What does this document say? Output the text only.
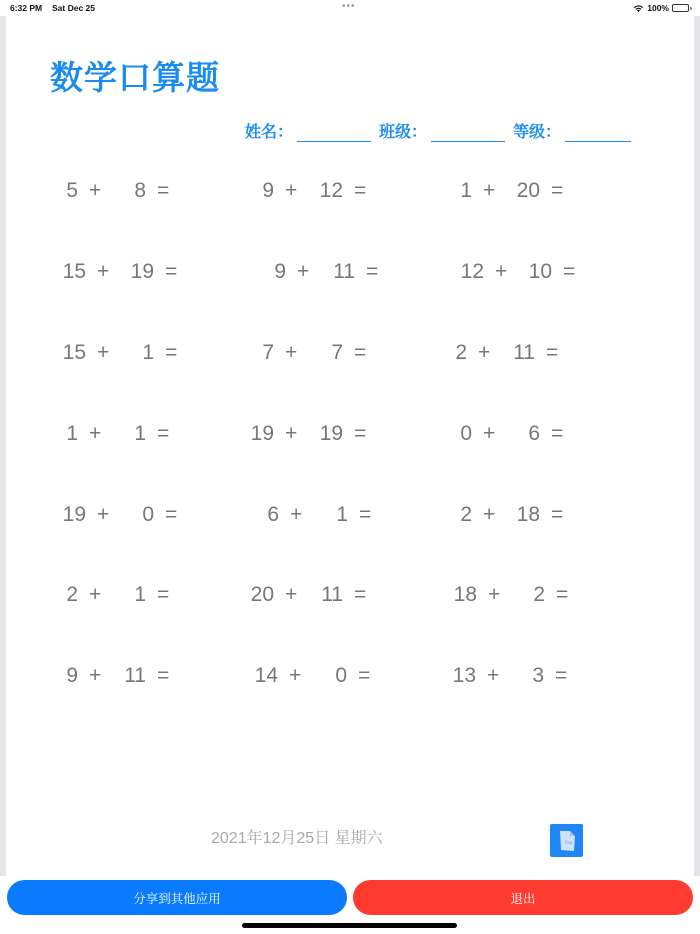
6:32 PM Sat Dec 25	•••	100%
数学口算题
姓名：	班级：	等级：
5 + 8 =	9 + 12 =	1 + 20 =
15 + 19 =	9 + 11 =	12 + 10 =
15 + 1 =	7 + 7 =	2 + 11 =
1 + 1 =	19 + 19 =	0 + 6 =
19 + 0 =	6 + 1 =	2 + 18 =
2 + 1 =	20 + 11 =	18 + 2 =
9 + 11 =	14 + 0 =	13 + 3 =
2021年12月25日 星期六	Pag
分享到其他应用	退出
